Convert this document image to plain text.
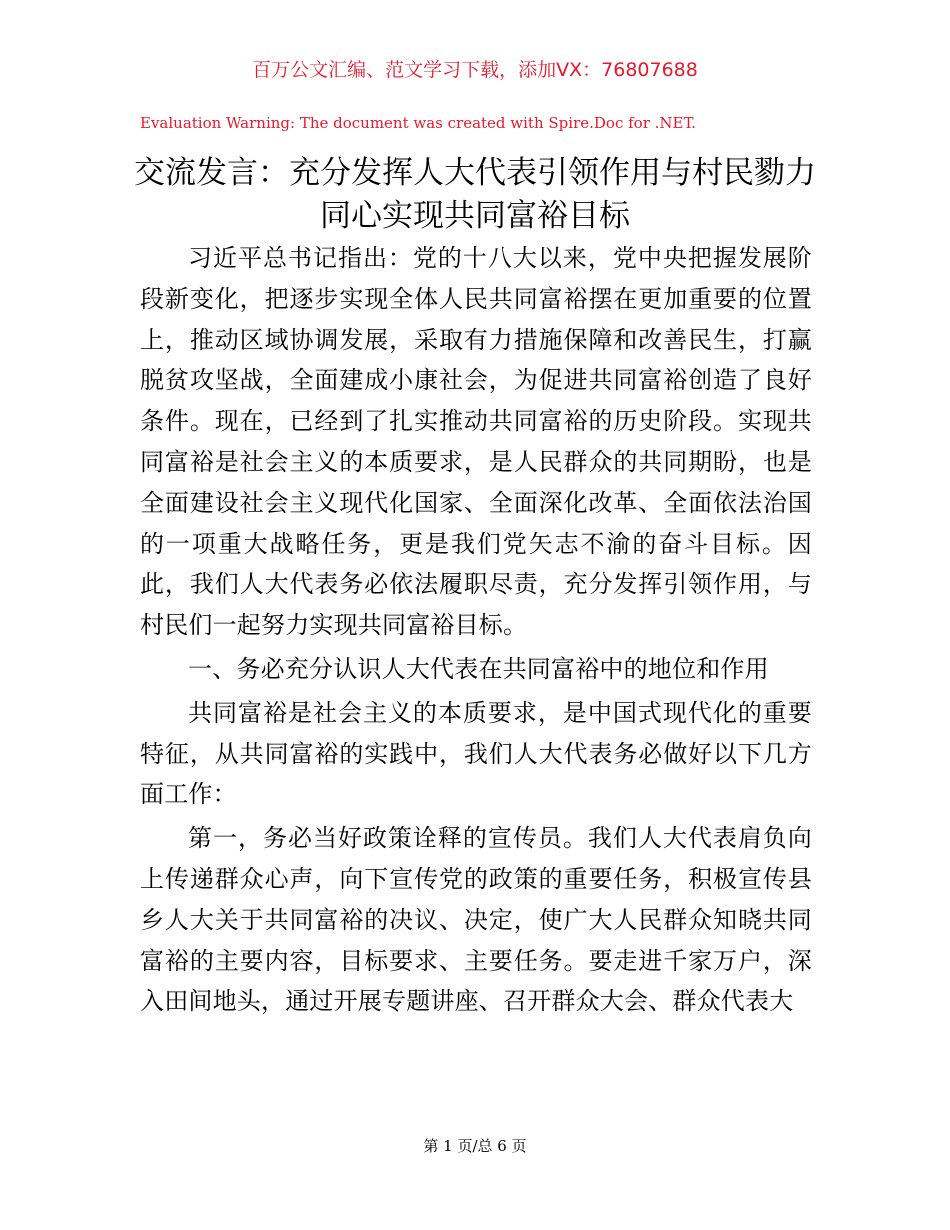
百万公文汇编、范文学习下载，添加VX：76807688
Evaluation Warning: The document was created with Spire.Doc for .NET.
交流发言：充分发挥人大代表引领作用与村民勠力同心实现共同富裕目标

习近平总书记指出：党的十八大以来，党中央把握发展阶段新变化，把逐步实现全体人民共同富裕摆在更加重要的位置上，推动区域协调发展，采取有力措施保障和改善民生，打赢脱贫攻坚战，全面建成小康社会，为促进共同富裕创造了良好条件。现在，已经到了扎实推动共同富裕的历史阶段。实现共同富裕是社会主义的本质要求，是人民群众的共同期盼，也是全面建设社会主义现代化国家、全面深化改革、全面依法治国的一项重大战略任务，更是我们党矢志不渝的奋斗目标。因此，我们人大代表务必依法履职尽责，充分发挥引领作用，与村民们一起努力实现共同富裕目标。

一、务必充分认识人大代表在共同富裕中的地位和作用

共同富裕是社会主义的本质要求，是中国式现代化的重要特征，从共同富裕的实践中，我们人大代表务必做好以下几方面工作：

第一，务必当好政策诠释的宣传员。我们人大代表肩负向上传递群众心声，向下宣传党的政策的重要任务，积极宣传县乡人大关于共同富裕的决议、决定，使广大人民群众知晓共同富裕的主要内容，目标要求、主要任务。要走进千家万户，深入田间地头，通过开展专题讲座、召开群众大会、群众代表大

第 1 页/总 6 页
